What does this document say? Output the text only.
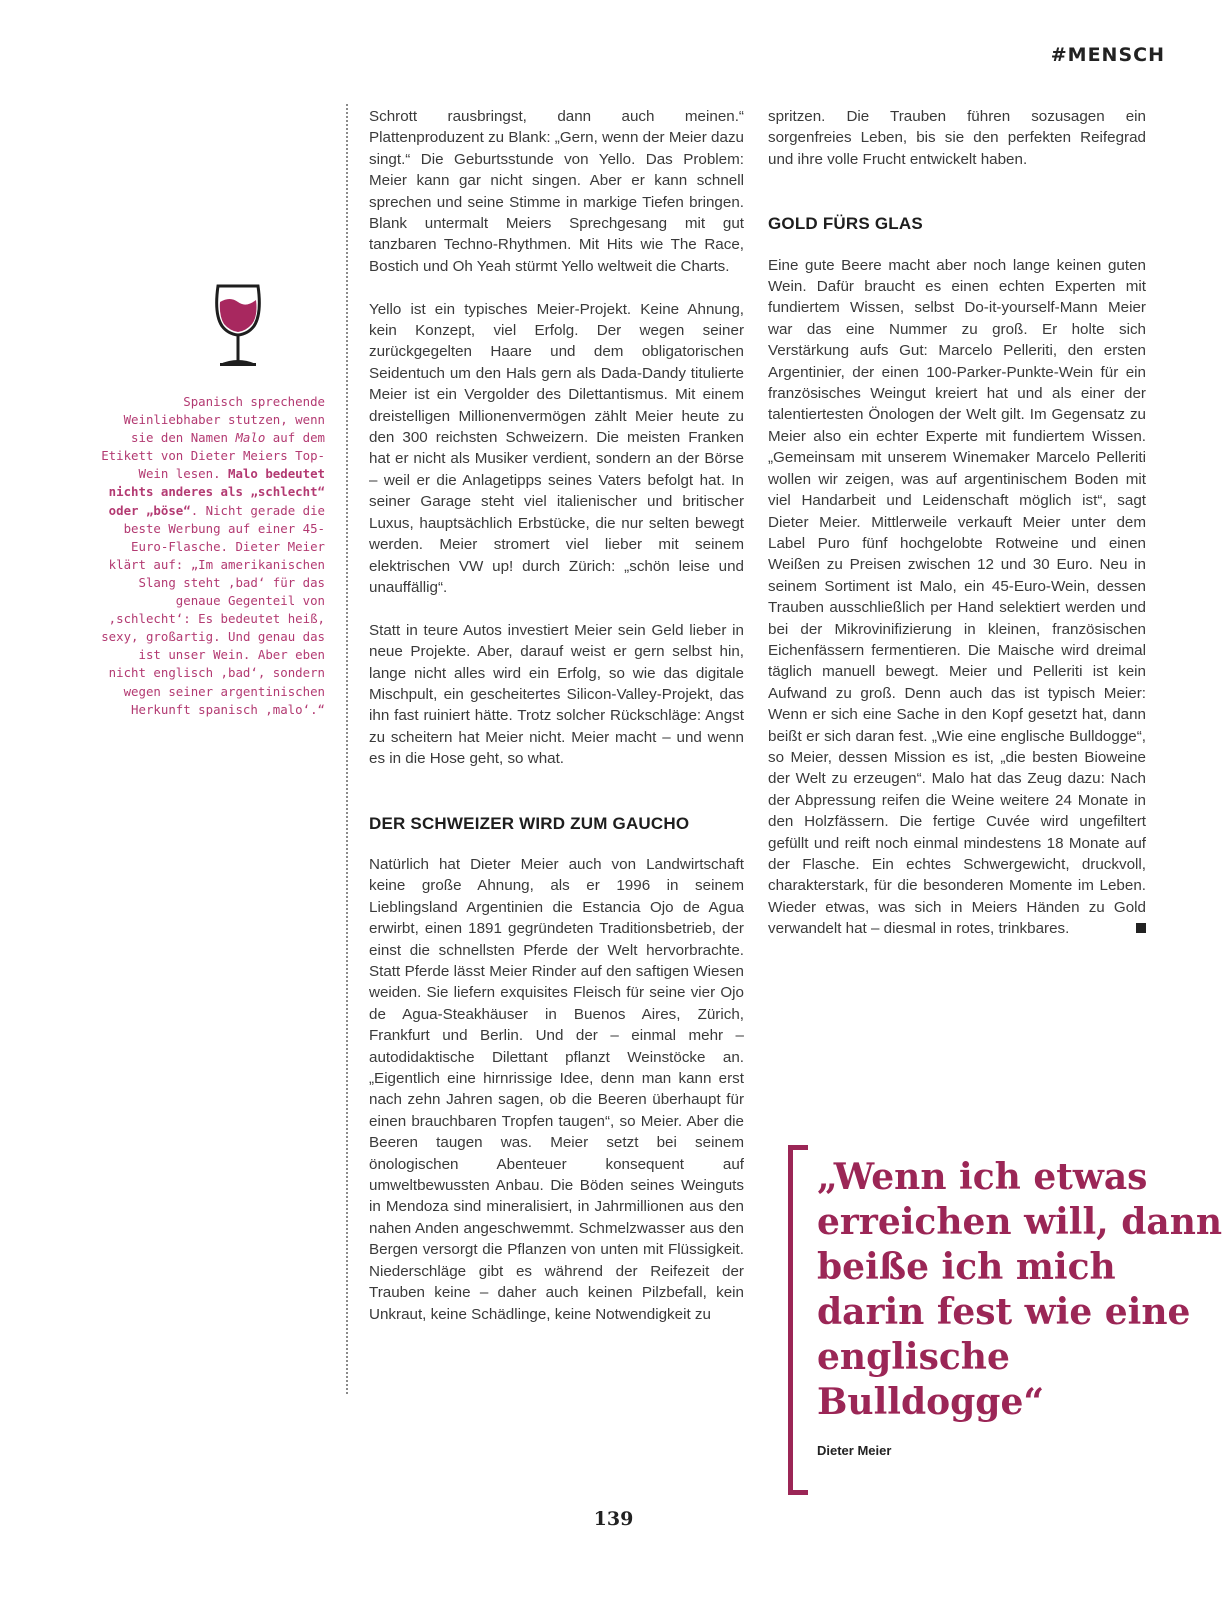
#MENSCH

Spanisch sprechende Weinliebhaber stutzen, wenn sie den Namen Malo auf dem Etikett von Dieter Meiers Top-Wein lesen. Malo bedeutet nichts anderes als „schlecht“ oder „böse“. Nicht gerade die beste Werbung auf einer 45-Euro-Flasche. Dieter Meier klärt auf: „Im amerikanischen Slang steht ‚bad‘ für das genaue Gegenteil von ‚schlecht‘: Es bedeutet heiß, sexy, großartig. Und genau das ist unser Wein. Aber eben nicht englisch ‚bad‘, sondern wegen seiner argentinischen Herkunft spanisch ‚malo‘.“

Schrott rausbringst, dann auch meinen.“ Plattenproduzent zu Blank: „Gern, wenn der Meier dazu singt.“ Die Geburtsstunde von Yello. Das Problem: Meier kann gar nicht singen. Aber er kann schnell sprechen und seine Stimme in markige Tiefen bringen. Blank untermalt Meiers Sprechgesang mit gut tanzbaren Techno-Rhythmen. Mit Hits wie The Race, Bostich und Oh Yeah stürmt Yello weltweit die Charts.

Yello ist ein typisches Meier-Projekt. Keine Ahnung, kein Konzept, viel Erfolg. Der wegen seiner zurückgegelten Haare und dem obligatorischen Seidentuch um den Hals gern als Dada-Dandy titulierte Meier ist ein Vergolder des Dilettantismus. Mit einem dreistelligen Millionenvermögen zählt Meier heute zu den 300 reichsten Schweizern. Die meisten Franken hat er nicht als Musiker verdient, sondern an der Börse – weil er die Anlagetipps seines Vaters befolgt hat. In seiner Garage steht viel italienischer und britischer Luxus, hauptsächlich Erbstücke, die nur selten bewegt werden. Meier stromert viel lieber mit seinem elektrischen VW up! durch Zürich: „schön leise und unauffällig“.

Statt in teure Autos investiert Meier sein Geld lieber in neue Projekte. Aber, darauf weist er gern selbst hin, lange nicht alles wird ein Erfolg, so wie das digitale Mischpult, ein gescheitertes Silicon-Valley-Projekt, das ihn fast ruiniert hätte. Trotz solcher Rückschläge: Angst zu scheitern hat Meier nicht. Meier macht – und wenn es in die Hose geht, so what.

DER SCHWEIZER WIRD ZUM GAUCHO

Natürlich hat Dieter Meier auch von Landwirtschaft keine große Ahnung, als er 1996 in seinem Lieblingsland Argentinien die Estancia Ojo de Agua erwirbt, einen 1891 gegründeten Traditionsbetrieb, der einst die schnellsten Pferde der Welt hervorbrachte. Statt Pferde lässt Meier Rinder auf den saftigen Wiesen weiden. Sie liefern exquisites Fleisch für seine vier Ojo de Agua-Steakhäuser in Buenos Aires, Zürich, Frankfurt und Berlin. Und der – einmal mehr – autodidaktische Dilettant pflanzt Weinstöcke an. „Eigentlich eine hirnrissige Idee, denn man kann erst nach zehn Jahren sagen, ob die Beeren überhaupt für einen brauchbaren Tropfen taugen“, so Meier. Aber die Beeren taugen was. Meier setzt bei seinem önologischen Abenteuer konsequent auf umweltbewussten Anbau. Die Böden seines Weinguts in Mendoza sind mineralisiert, in Jahrmillionen aus den nahen Anden angeschwemmt. Schmelzwasser aus den Bergen versorgt die Pflanzen von unten mit Flüssigkeit. Niederschläge gibt es während der Reifezeit der Trauben keine – daher auch keinen Pilzbefall, kein Unkraut, keine Schädlinge, keine Notwendigkeit zu

spritzen. Die Trauben führen sozusagen ein sorgenfreies Leben, bis sie den perfekten Reifegrad und ihre volle Frucht entwickelt haben.

GOLD FÜRS GLAS

Eine gute Beere macht aber noch lange keinen guten Wein. Dafür braucht es einen echten Experten mit fundiertem Wissen, selbst Do-it-yourself-Mann Meier war das eine Nummer zu groß. Er holte sich Verstärkung aufs Gut: Marcelo Pelleriti, den ersten Argentinier, der einen 100-Parker-Punkte-Wein für ein französisches Weingut kreiert hat und als einer der talentiertesten Önologen der Welt gilt. Im Gegensatz zu Meier also ein echter Experte mit fundiertem Wissen. „Gemeinsam mit unserem Winemaker Marcelo Pelleriti wollen wir zeigen, was auf argentinischem Boden mit viel Handarbeit und Leidenschaft möglich ist“, sagt Dieter Meier. Mittlerweile verkauft Meier unter dem Label Puro fünf hochgelobte Rotweine und einen Weißen zu Preisen zwischen 12 und 30 Euro. Neu in seinem Sortiment ist Malo, ein 45-Euro-Wein, dessen Trauben ausschließlich per Hand selektiert werden und bei der Mikrovinifizierung in kleinen, französischen Eichenfässern fermentieren. Die Maische wird dreimal täglich manuell bewegt. Meier und Pelleriti ist kein Aufwand zu groß. Denn auch das ist typisch Meier: Wenn er sich eine Sache in den Kopf gesetzt hat, dann beißt er sich daran fest. „Wie eine englische Bulldogge“, so Meier, dessen Mission es ist, „die besten Bioweine der Welt zu erzeugen“. Malo hat das Zeug dazu: Nach der Abpressung reifen die Weine weitere 24 Monate in den Holzfässern. Die fertige Cuvée wird ungefiltert gefüllt und reift noch einmal mindestens 18 Monate auf der Flasche. Ein echtes Schwergewicht, druckvoll, charakterstark, für die besonderen Momente im Leben. Wieder etwas, was sich in Meiers Händen zu Gold verwandelt hat – diesmal in rotes, trinkbares.

„Wenn ich etwas erreichen will, dann beiße ich mich darin fest wie eine englische Bulldogge“

Dieter Meier
139
